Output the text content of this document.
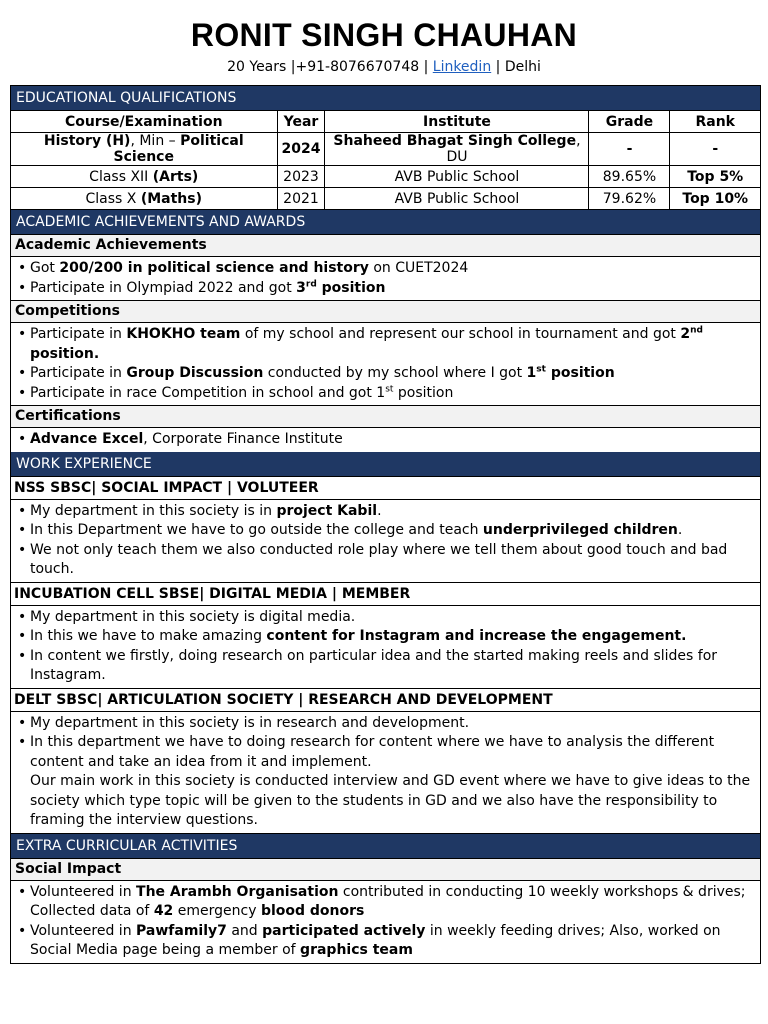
RONIT SINGH CHAUHAN
20 Years |+91-8076670748 | Linkedin | Delhi
EDUCATIONAL QUALIFICATIONS
Course/Examination	Year	Institute	Grade	Rank
History (H), Min – Political Science	2024	Shaheed Bhagat Singh College, DU	-	-
Class XII (Arts)	2023	AVB Public School	89.65%	Top 5%
Class X (Maths)	2021	AVB Public School	79.62%	Top 10%
ACADEMIC ACHIEVEMENTS AND AWARDS
Academic Achievements
• Got 200/200 in political science and history on CUET2024
• Participate in Olympiad 2022 and got 3rd position
Competitions
• Participate in KHOKHO team of my school and represent our school in tournament and got 2nd position.
• Participate in Group Discussion conducted by my school where I got 1st position
• Participate in race Competition in school and got 1st position
Certifications
• Advance Excel, Corporate Finance Institute
WORK EXPERIENCE
NSS SBSC| SOCIAL IMPACT | VOLUTEER
• My department in this society is in project Kabil.
• In this Department we have to go outside the college and teach underprivileged children.
• We not only teach them we also conducted role play where we tell them about good touch and bad touch.
INCUBATION CELL SBSE| DIGITAL MEDIA | MEMBER
• My department in this society is digital media.
• In this we have to make amazing content for Instagram and increase the engagement.
• In content we firstly, doing research on particular idea and the started making reels and slides for Instagram.
DELT SBSC| ARTICULATION SOCIETY | RESEARCH AND DEVELOPMENT
• My department in this society is in research and development.
• In this department we have to doing research for content where we have to analysis the different content and take an idea from it and implement.
Our main work in this society is conducted interview and GD event where we have to give ideas to the society which type topic will be given to the students in GD and we also have the responsibility to framing the interview questions.
EXTRA CURRICULAR ACTIVITIES
Social Impact
• Volunteered in The Arambh Organisation contributed in conducting 10 weekly workshops & drives; Collected data of 42 emergency blood donors
• Volunteered in Pawfamily7 and participated actively in weekly feeding drives; Also, worked on Social Media page being a member of graphics team
